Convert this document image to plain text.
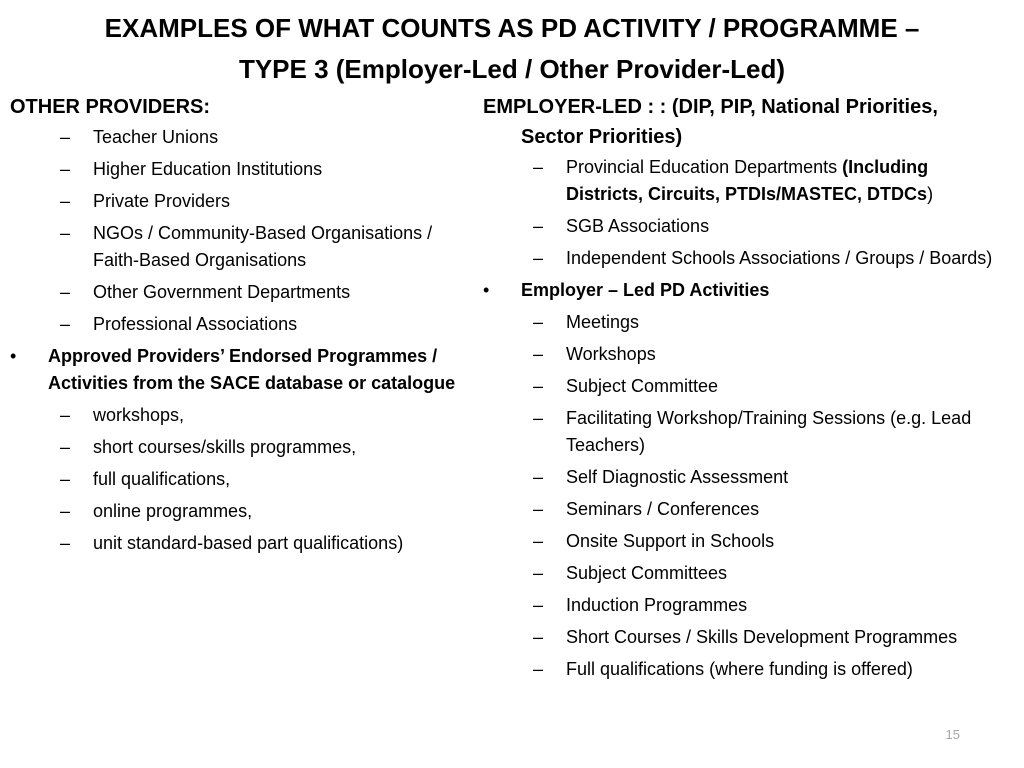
EXAMPLES OF WHAT COUNTS AS PD ACTIVITY / PROGRAMME –
TYPE 3 (Employer-Led / Other Provider-Led)
OTHER PROVIDERS:
– Teacher Unions
– Higher Education Institutions
– Private Providers
– NGOs / Community-Based Organisations / Faith-Based Organisations
– Other Government Departments
– Professional Associations
• Approved Providers’ Endorsed Programmes / Activities from the SACE database or catalogue
– workshops,
– short courses/skills programmes,
– full qualifications,
– online programmes,
– unit standard-based part qualifications)
EMPLOYER-LED : : (DIP, PIP, National Priorities, Sector Priorities)
– Provincial Education Departments (Including Districts, Circuits, PTDIs/MASTEC, DTDCs)
– SGB Associations
– Independent Schools Associations / Groups / Boards)
• Employer – Led PD Activities
– Meetings
– Workshops
– Subject Committee
– Facilitating Workshop/Training Sessions (e.g. Lead Teachers)
– Self Diagnostic Assessment
– Seminars / Conferences
– Onsite Support in Schools
– Subject Committees
– Induction Programmes
– Short Courses / Skills Development Programmes
– Full qualifications (where funding is offered)
15
